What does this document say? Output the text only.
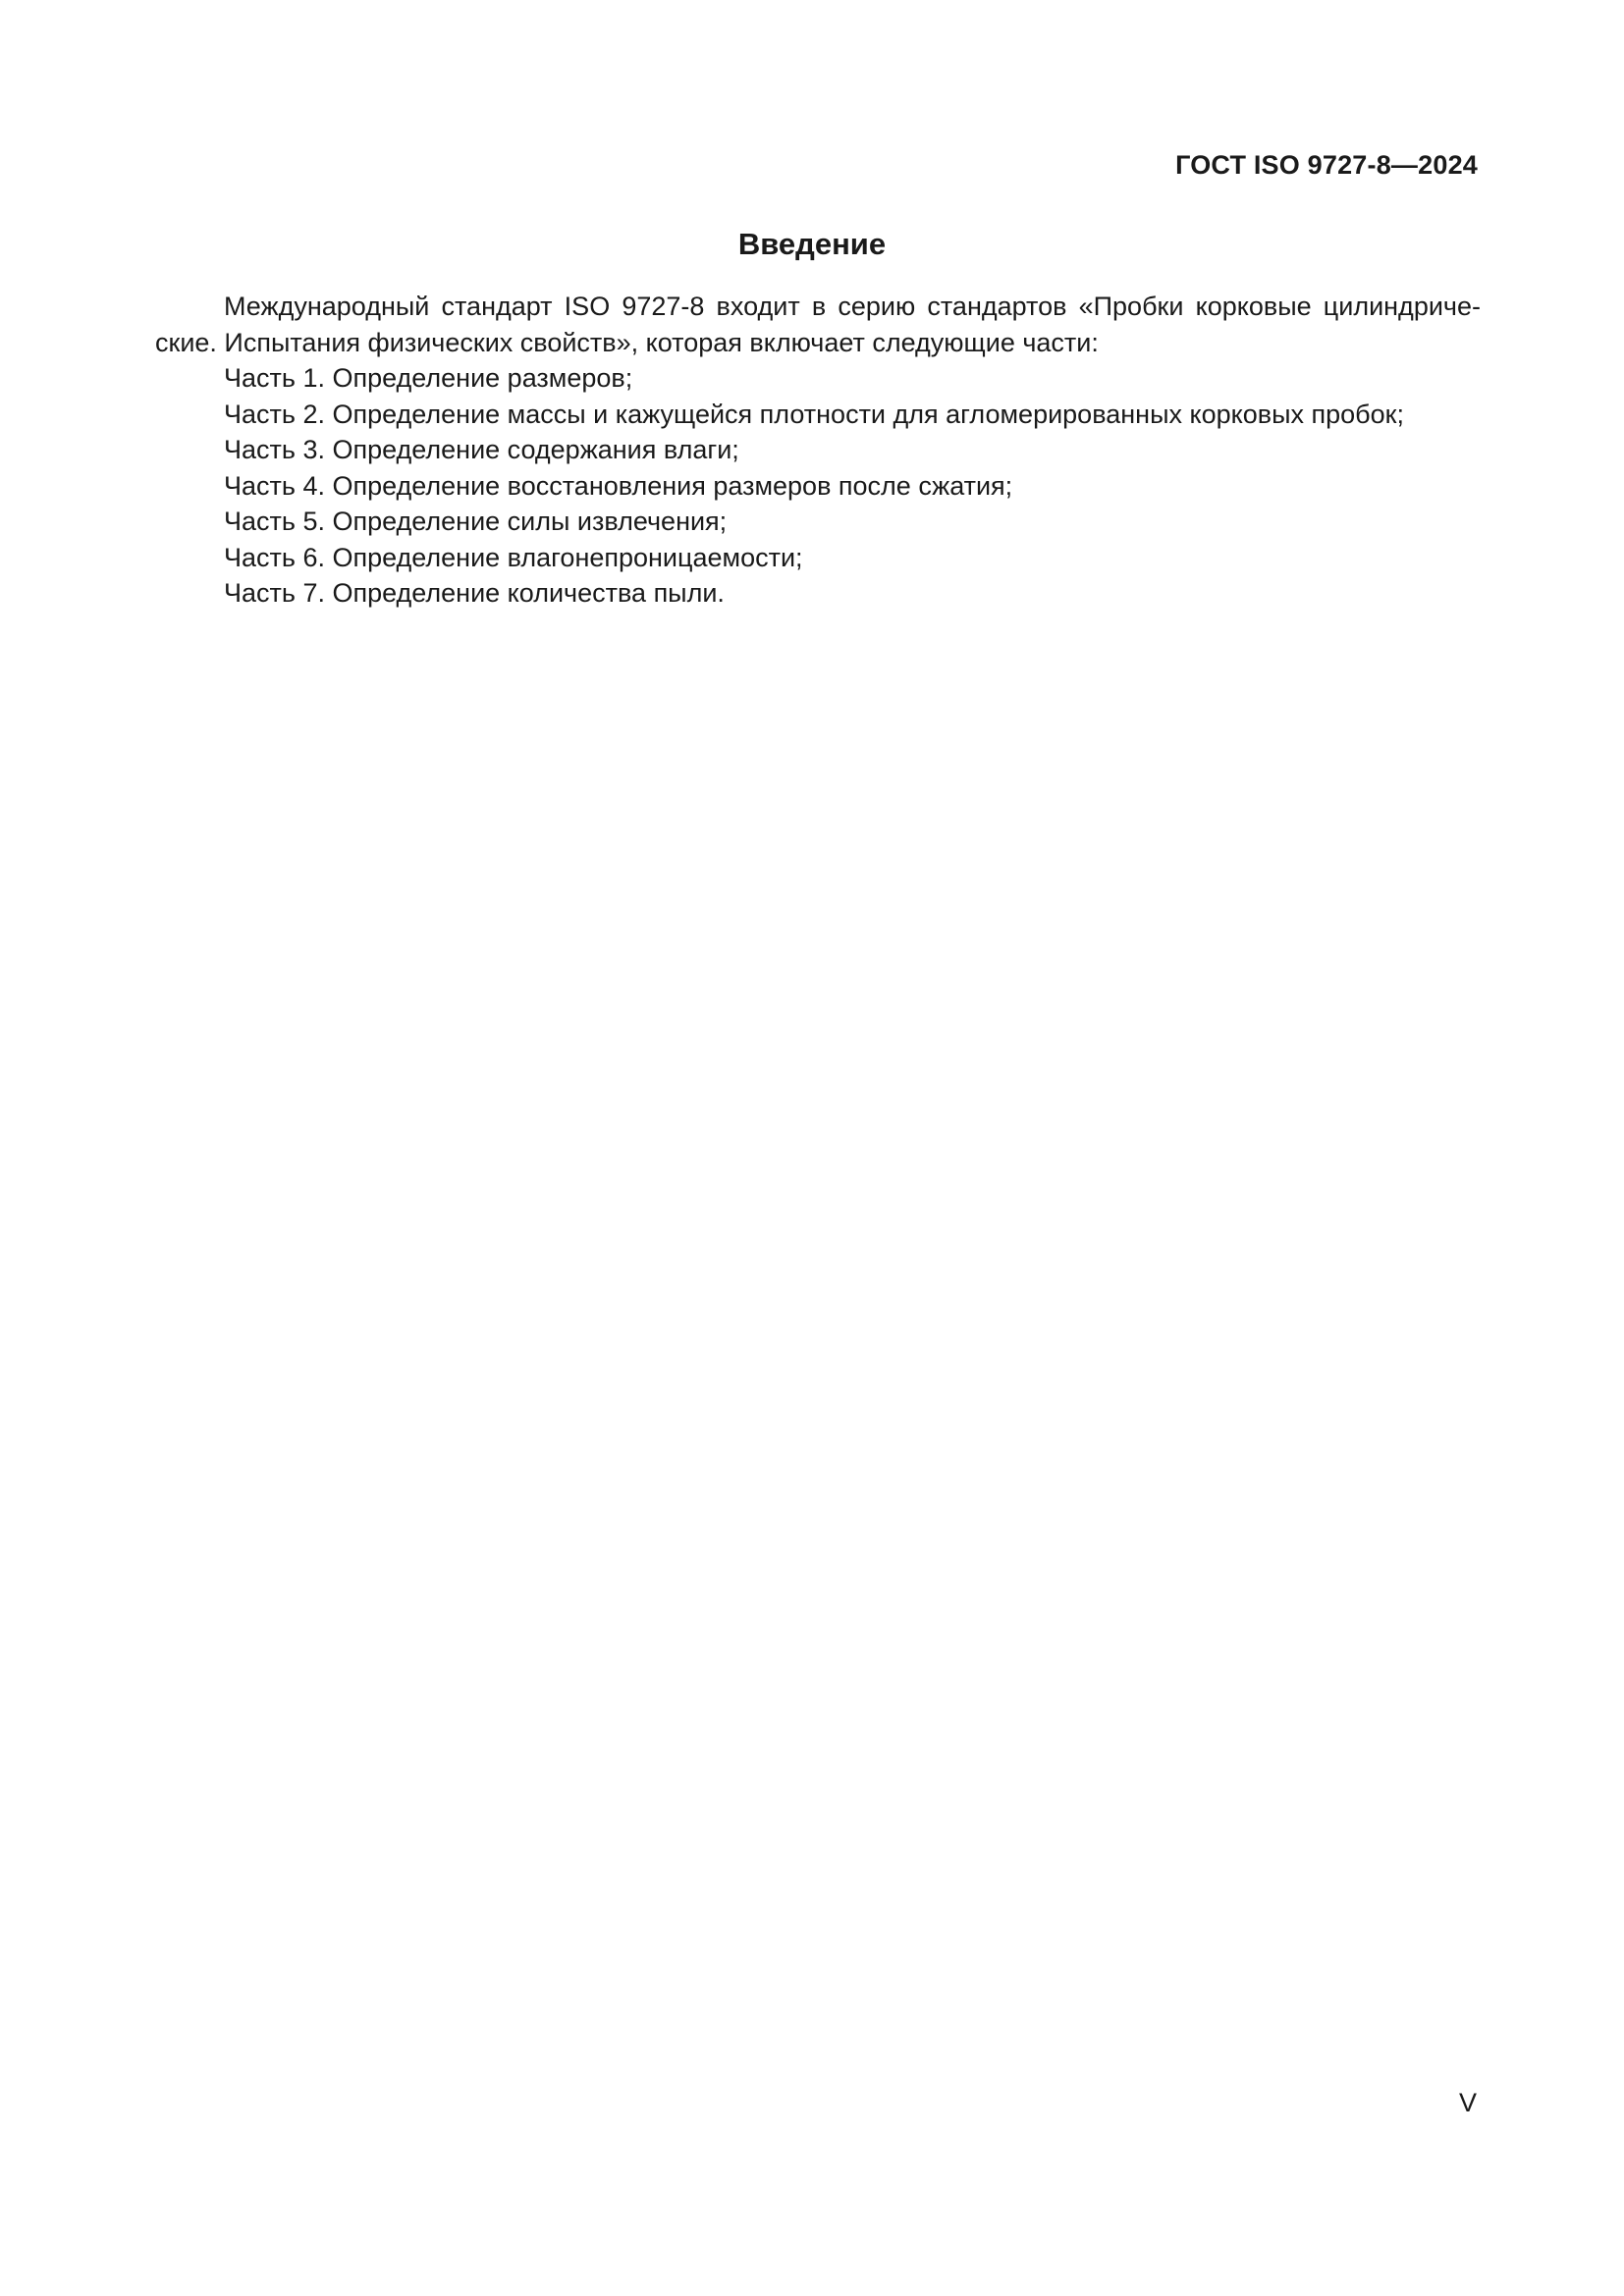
ГОСТ ISO 9727-8—2024
Введение

Международный стандарт ISO 9727-8 входит в серию стандартов «Пробки корковые цилиндриче-ские. Испытания физических свойств», которая включает следующие части:

Часть 1. Определение размеров;
Часть 2. Определение массы и кажущейся плотности для агломерированных корковых пробок;
Часть 3. Определение содержания влаги;
Часть 4. Определение восстановления размеров после сжатия;
Часть 5. Определение силы извлечения;
Часть 6. Определение влагонепроницаемости;
Часть 7. Определение количества пыли.
V
